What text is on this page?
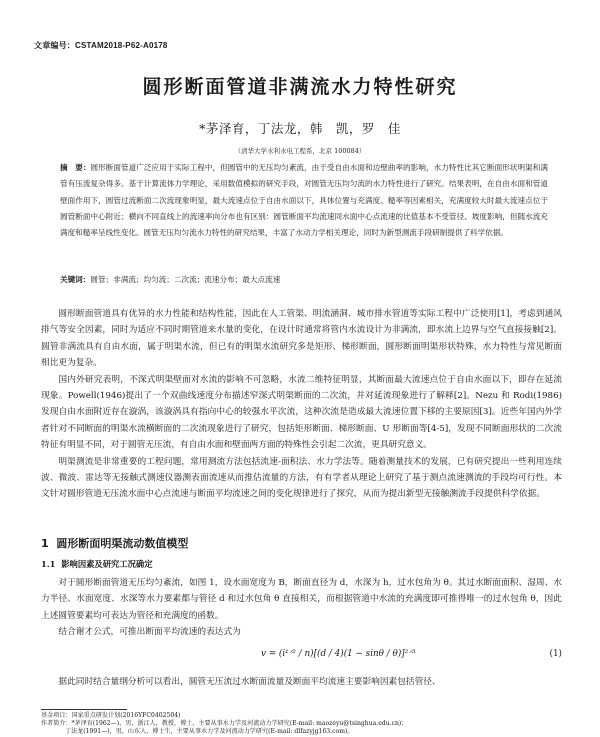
文章编号：CSTAM2018-P62-A0178
圆形断面管道非满流水力特性研究
*茅泽育，丁法龙，韩　凯，罗　佳
（清华大学水利水电工程系，北京 100084）
摘　要：圆形断面管道广泛应用于实际工程中，但圆管中的无压均匀紊流，由于受自由水面和边壁曲率的影响，水力特性比其它断面形状明渠和满管有压流复杂得多。基于计算流体力学理论，采用数值模拟的研究手段，对圆管无压均匀流的水力特性进行了研究。结果表明，在自由水面和管道壁面作用下，圆管过流断面二次流现象明显，最大流速点位于自由水面以下，具体位置与充满度、糙率等因素相关，充满度较大时最大流速点位于圆管断面中心附近；横向不同直线上的流速率向分布也有区别：圆管断面平均流速同水面中心点流速的比值基本不受管径、坡度影响，但随水流充满度和糙率呈线性变化。圆管无压均匀流水力特性的研究结果，丰富了水动力学相关理论，同时为新型测流手段研制提供了科学依据。
关键词：圆管；非满流；均匀流；二次流；流速分布；最大点流速

圆形断面管道具有优异的水力性能和结构性能，因此在人工管渠、明流涵洞、城市排水管道等实际工程中广泛使用[1]，考虑到通风排气等安全因素，同时为适应不同时期管道来水量的变化，在设计时通常将管内水流设计为非满流，即水流上边界与空气直接接触[2]。圆管非满流具有自由水面，属于明渠水流，但已有的明渠水流研究多是矩形、梯形断面，圆形断面明渠形状特殊，水力特性与常见断面相比更为复杂。

国内外研究表明，不深式明渠壁面对水流的影响不可忽略，水流二维特征明显，其断面最大流速点位于自由水面以下，即存在延流现象。Powell(1946)提出了一个双曲线速度分布描述窄深式明渠断面的二次流，并对延流现象进行了解释[2]。Nezu 和 Rodi(1986)发现自由水面附近存在漩涡，该漩涡具有指向中心的较强水平次流，这种次流是造成最大流速位置下移的主要原因[3]。近些年国内外学者针对不同断面的明渠水流横断面的二次流现象进行了研究，包括矩形断面、梯形断面、U 形断面等[4-5]，发现不同断面形状的二次流特征有明显不同，对于圆管无压流，有自由水面和壁面两方面的特殊性会引起二次流，更具研究意义。

明渠测流是非常重要的工程问题，常用测流方法包括流速-面积法、水力学法等。随着测量技术的发展，已有研究提出一些利用连续波、微波、雷达等无接触式测速仪器测表面流速从而推估流量的方法，有有学者从理论上研究了基于测点流速测流的手段均可行性。本文针对圆形管道无压流水面中心点流速与断面平均流速之间的变化规律进行了探究，从而为提出新型无接触测流手段提供科学依据。

1 圆形断面明渠流动数值模型
1.1 影响因素及研究工况确定

对于圆形断面管道无压均匀紊流，如图 1，设水面宽度为 B，断面直径为 d，水深为 h，过水包角为 θ。其过水断面面积、湿周、水力半径、水面宽度、水深等水力要素都与管径 d 和过水包角 θ 直接相关，而根据管道中水流的充满度即可推得唯一的过水包角 θ，因此上述圆管要素均可表达为管径和充满度的函数。

结合谢才公式，可推出断面平均流速的表达式为

v = (i¹ᐟ² / n)[(d / 4)(1 − sinθ / θ)]²ᐟ³	(1)

据此同时结合量纲分析可以看出，圆管无压流过水断面流量及断面平均流速主要影响因素包括管径、

基金项目：国家重点研发计划(2016YFC0402504)
作者简介：*茅泽育(1962—)，男，浙江人，教授，博士，主要从事水力学及河流动力学研究(E-mail: maozeyu@tsinghua.edu.cn)；
丁法龙(1991—)，男，山东人，博士生，主要从事水力学及河流动力学研究(E-mail: dlfazyjg163.com)。
